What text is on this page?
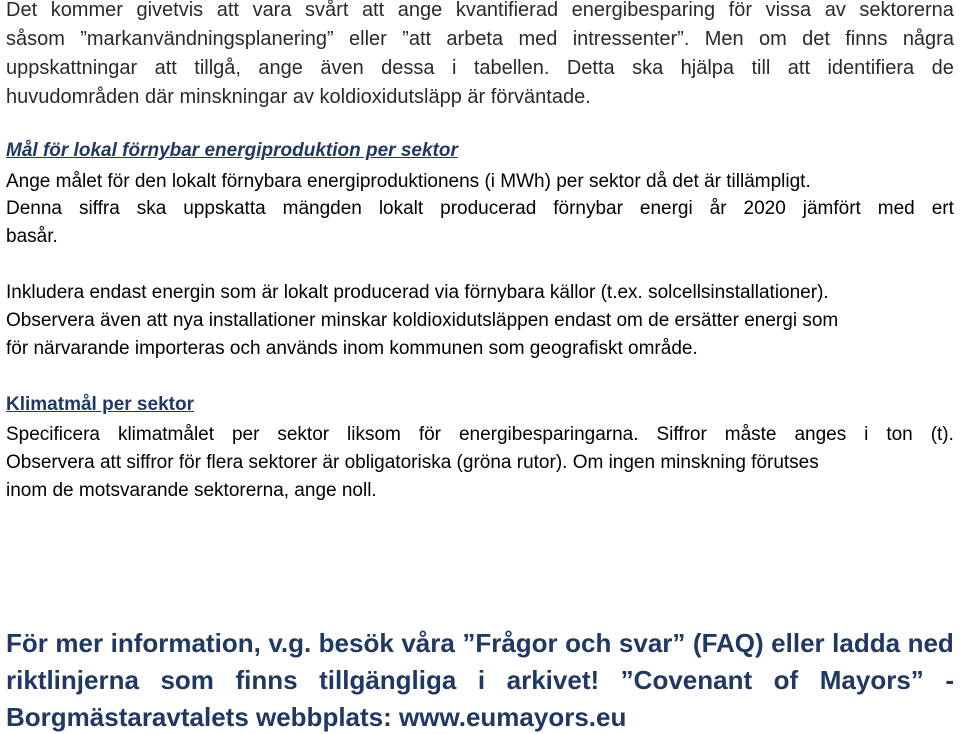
Det kommer givetvis att vara svårt att ange kvantifierad energibesparing för vissa av sektorerna
såsom ”markanvändningsplanering” eller ”att arbeta med intressenter”. Men om det finns några
uppskattningar att tillgå, ange även dessa i tabellen. Detta ska hjälpa till att identifiera de
huvudområden där minskningar av koldioxidutsläpp är förväntade.
Mål för lokal förnybar energiproduktion per sektor
Ange målet för den lokalt förnybara energiproduktionens (i MWh) per sektor då det är tillämpligt.
Denna siffra ska uppskatta mängden lokalt producerad förnybar energi år 2020 jämfört med ert
basår.
Inkludera endast energin som är lokalt producerad via förnybara källor (t.ex. solcellsinstallationer).
Observera även att nya installationer minskar koldioxidutsläppen endast om de ersätter energi som
för närvarande importeras och används inom kommunen som geografiskt område.
Klimatmål per sektor
Specificera klimatmålet per sektor liksom för energibesparingarna. Siffror måste anges i ton (t).
Observera att siffror för flera sektorer är obligatoriska (gröna rutor). Om ingen minskning förutses
inom de motsvarande sektorerna, ange noll.
För mer information, v.g. besök våra ”Frågor och svar” (FAQ) eller ladda ned
riktlinjerna som finns tillgängliga i arkivet! ”Covenant of Mayors” -
Borgmästaravtalets webbplats: www.eumayors.eu
